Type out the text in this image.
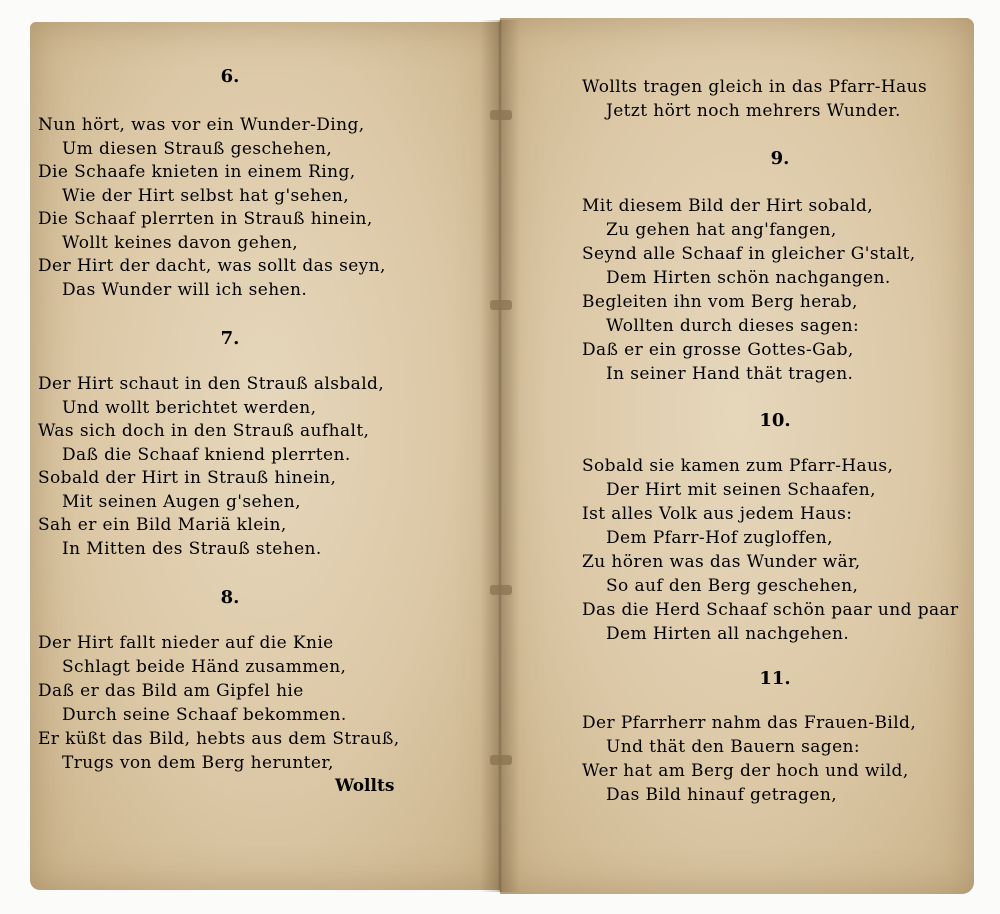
6.
Nun hört, was vor ein Wunder-Ding,
Um diesen Strauß geschehen,
Die Schaafe knieten in einem Ring,
Wie der Hirt selbst hat g'sehen,
Die Schaaf plerrten in Strauß hinein,
Wollt keines davon gehen,
Der Hirt der dacht, was sollt das seyn,
Das Wunder will ich sehen.
7.
Der Hirt schaut in den Strauß alsbald,
Und wollt berichtet werden,
Was sich doch in den Strauß aufhalt,
Daß die Schaaf kniend plerrten.
Sobald der Hirt in Strauß hinein,
Mit seinen Augen g'sehen,
Sah er ein Bild Mariä klein,
In Mitten des Strauß stehen.
8.
Der Hirt fallt nieder auf die Knie
Schlagt beide Händ zusammen,
Daß er das Bild am Gipfel hie
Durch seine Schaaf bekommen.
Er küßt das Bild, hebts aus dem Strauß,
Trugs von dem Berg herunter,
Wollts
Wollts tragen gleich in das Pfarr-Haus
Jetzt hört noch mehrers Wunder.
9.
Mit diesem Bild der Hirt sobald,
Zu gehen hat ang'fangen,
Seynd alle Schaaf in gleicher G'stalt,
Dem Hirten schön nachgangen.
Begleiten ihn vom Berg herab,
Wollten durch dieses sagen:
Daß er ein grosse Gottes-Gab,
In seiner Hand thät tragen.
10.
Sobald sie kamen zum Pfarr-Haus,
Der Hirt mit seinen Schaafen,
Ist alles Volk aus jedem Haus:
Dem Pfarr-Hof zugloffen,
Zu hören was das Wunder wär,
So auf den Berg geschehen,
Das die Herd Schaaf schön paar und paar
Dem Hirten all nachgehen.
11.
Der Pfarrherr nahm das Frauen-Bild,
Und thät den Bauern sagen:
Wer hat am Berg der hoch und wild,
Das Bild hinauf getragen,
